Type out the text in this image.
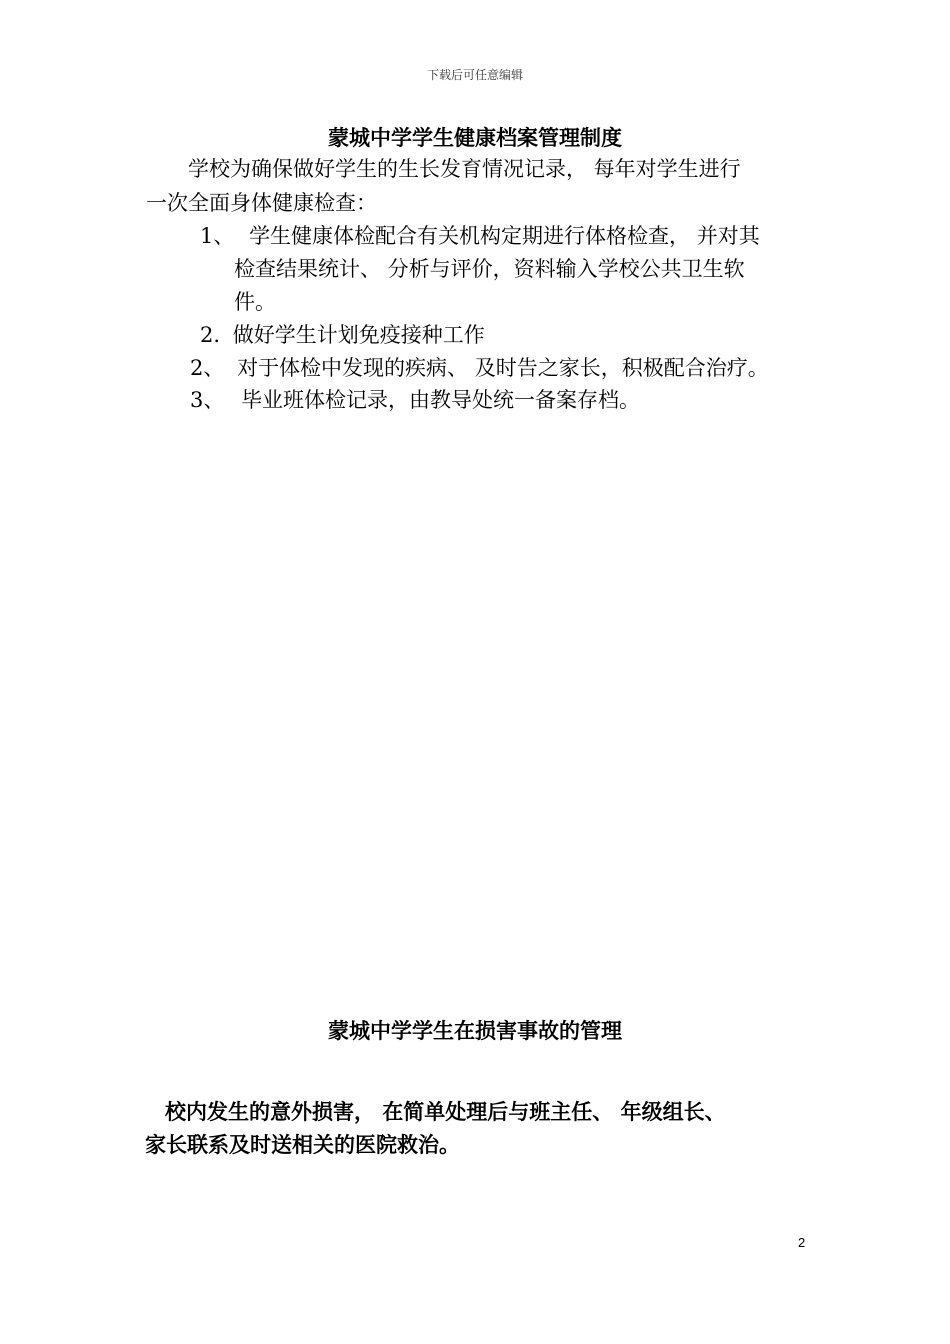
下载后可任意编辑
蒙城中学学生健康档案管理制度
学校为确保做好学生的生长发育情况记录， 每年对学生进行
一次全面身体健康检查：
1、 学生健康体检配合有关机构定期进行体格检查， 并对其
检查结果统计、 分析与评价，资料输入学校公共卫生软
件。
2. 做好学生计划免疫接种工作
2、 对于体检中发现的疾病、 及时告之家长，积极配合治疗。
3、 毕业班体检记录，由教导处统一备案存档。
蒙城中学学生在损害事故的管理
校内发生的意外损害， 在简单处理后与班主任、 年级组长、
家长联系及时送相关的医院救治。
2
